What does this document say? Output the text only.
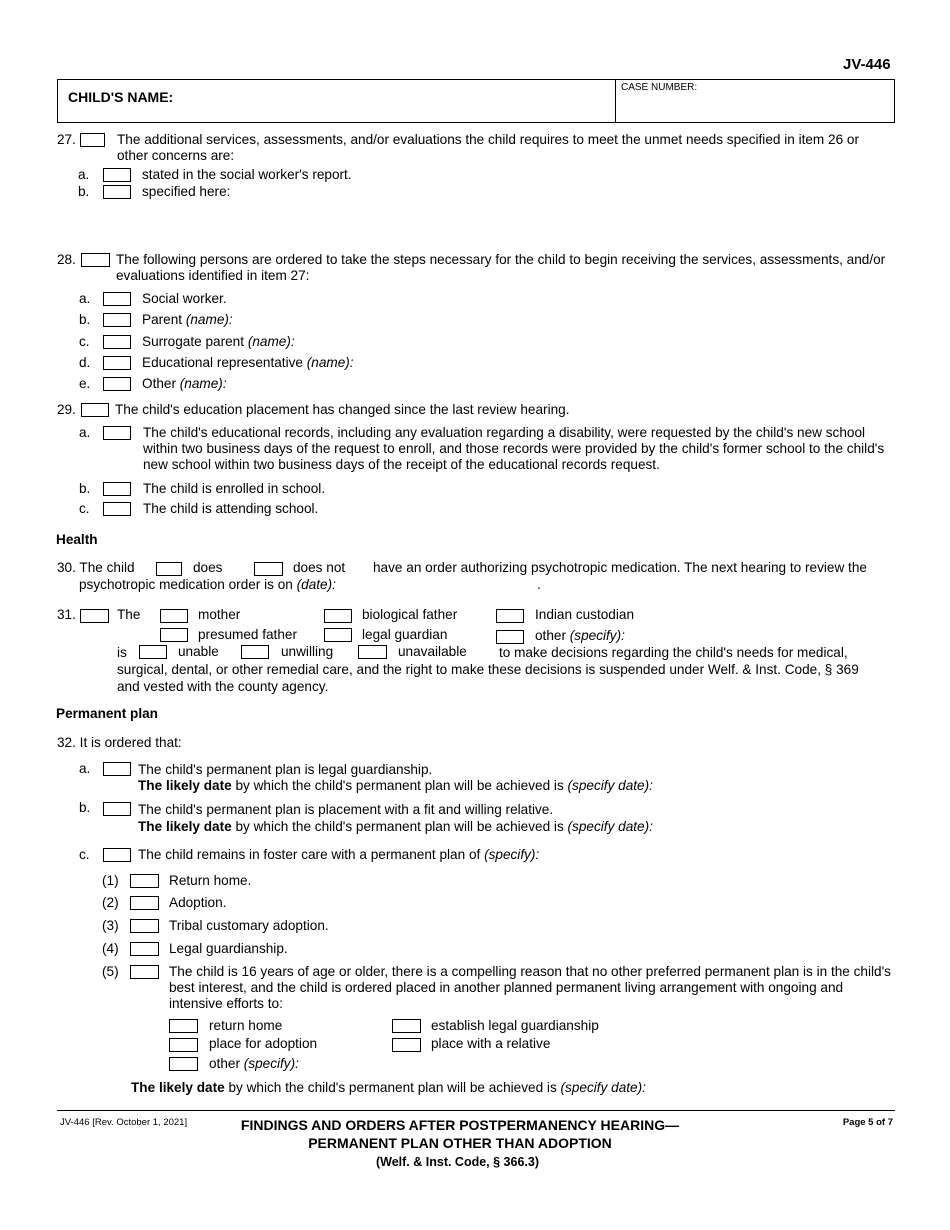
JV-446
CHILD'S NAME:
CASE NUMBER:
27.	The additional services, assessments, and/or evaluations the child requires to meet the unmet needs specified in item 26 or other concerns are:
a.	stated in the social worker's report.
b.	specified here:
28.	The following persons are ordered to take the steps necessary for the child to begin receiving the services, assessments, and/or evaluations identified in item 27:
a.	Social worker.
b.	Parent (name):
c.	Surrogate parent (name):
d.	Educational representative (name):
e.	Other (name):
29.	The child's education placement has changed since the last review hearing.
a.	The child's educational records, including any evaluation regarding a disability, were requested by the child's new school within two business days of the request to enroll, and those records were provided by the child's former school to the child's new school within two business days of the receipt of the educational records request.
b.	The child is enrolled in school.
c.	The child is attending school.
Health
30. The child	does	does not have an order authorizing psychotropic medication. The next hearing to review the
psychotropic medication order is on (date):	.
31.	The	mother	biological father	Indian custodian
presumed father	legal guardian	other (specify):
is	unable	unwilling	unavailable to make decisions regarding the child's needs for medical,
surgical, dental, or other remedial care, and the right to make these decisions is suspended under Welf. & Inst. Code, § 369
and vested with the county agency.
Permanent plan
32. It is ordered that:
a.	The child's permanent plan is legal guardianship.
The likely date by which the child's permanent plan will be achieved is (specify date):
b.	The child's permanent plan is placement with a fit and willing relative.
The likely date by which the child's permanent plan will be achieved is (specify date):
c.	The child remains in foster care with a permanent plan of (specify):
(1)	Return home.
(2)	Adoption.
(3)	Tribal customary adoption.
(4)	Legal guardianship.
(5)	The child is 16 years of age or older, there is a compelling reason that no other preferred permanent plan is in the child's best interest, and the child is ordered placed in another planned permanent living arrangement with ongoing and intensive efforts to:
return home	establish legal guardianship
place for adoption	place with a relative
other (specify):
The likely date by which the child's permanent plan will be achieved is (specify date):
JV-446 [Rev. October 1, 2021]	FINDINGS AND ORDERS AFTER POSTPERMANENCY HEARING—
PERMANENT PLAN OTHER THAN ADOPTION
(Welf. & Inst. Code, § 366.3)
Page 5 of 7
